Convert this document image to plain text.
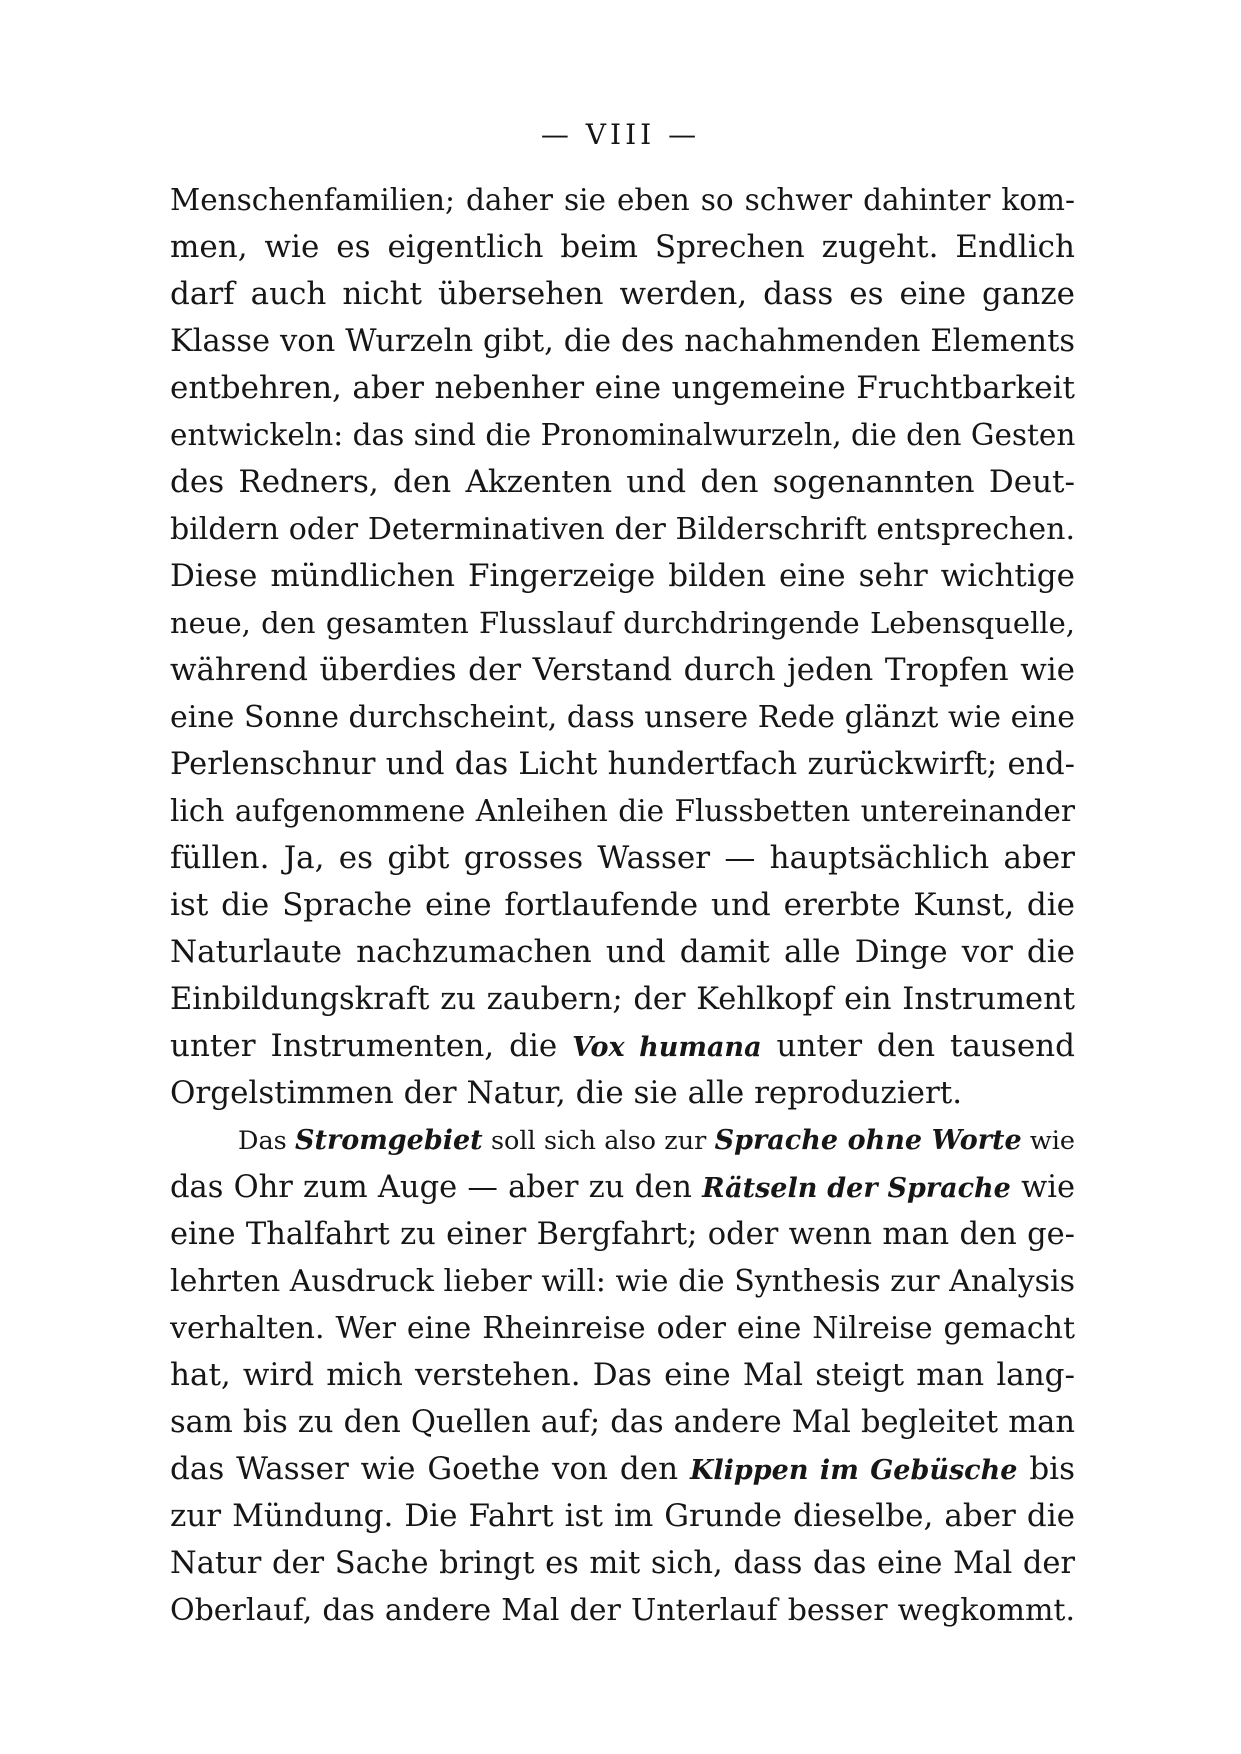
— VIII —
Menschenfamilien; daher sie eben so schwer dahinter kom-
men, wie es eigentlich beim Sprechen zugeht. Endlich
darf auch nicht übersehen werden, dass es eine ganze
Klasse von Wurzeln gibt, die des nachahmenden Elements
entbehren, aber nebenher eine ungemeine Fruchtbarkeit
entwickeln: das sind die Pronominalwurzeln, die den Gesten
des Redners, den Akzenten und den sogenannten Deut-
bildern oder Determinativen der Bilderschrift entsprechen.
Diese mündlichen Fingerzeige bilden eine sehr wichtige
neue, den gesamten Flusslauf durchdringende Lebensquelle,
während überdies der Verstand durch jeden Tropfen wie
eine Sonne durchscheint, dass unsere Rede glänzt wie eine
Perlenschnur und das Licht hundertfach zurückwirft; end-
lich aufgenommene Anleihen die Flussbetten untereinander
füllen. Ja, es gibt grosses Wasser — hauptsächlich aber
ist die Sprache eine fortlaufende und ererbte Kunst, die
Naturlaute nachzumachen und damit alle Dinge vor die
Einbildungskraft zu zaubern; der Kehlkopf ein Instrument
unter Instrumenten, die Vox humana unter den tausend
Orgelstimmen der Natur, die sie alle reproduziert.
Das Stromgebiet soll sich also zur Sprache ohne Worte wie
das Ohr zum Auge — aber zu den Rätseln der Sprache wie
eine Thalfahrt zu einer Bergfahrt; oder wenn man den ge-
lehrten Ausdruck lieber will: wie die Synthesis zur Analysis
verhalten. Wer eine Rheinreise oder eine Nilreise gemacht
hat, wird mich verstehen. Das eine Mal steigt man lang-
sam bis zu den Quellen auf; das andere Mal begleitet man
das Wasser wie Goethe von den Klippen im Gebüsche bis
zur Mündung. Die Fahrt ist im Grunde dieselbe, aber die
Natur der Sache bringt es mit sich, dass das eine Mal der
Oberlauf, das andere Mal der Unterlauf besser wegkommt.
